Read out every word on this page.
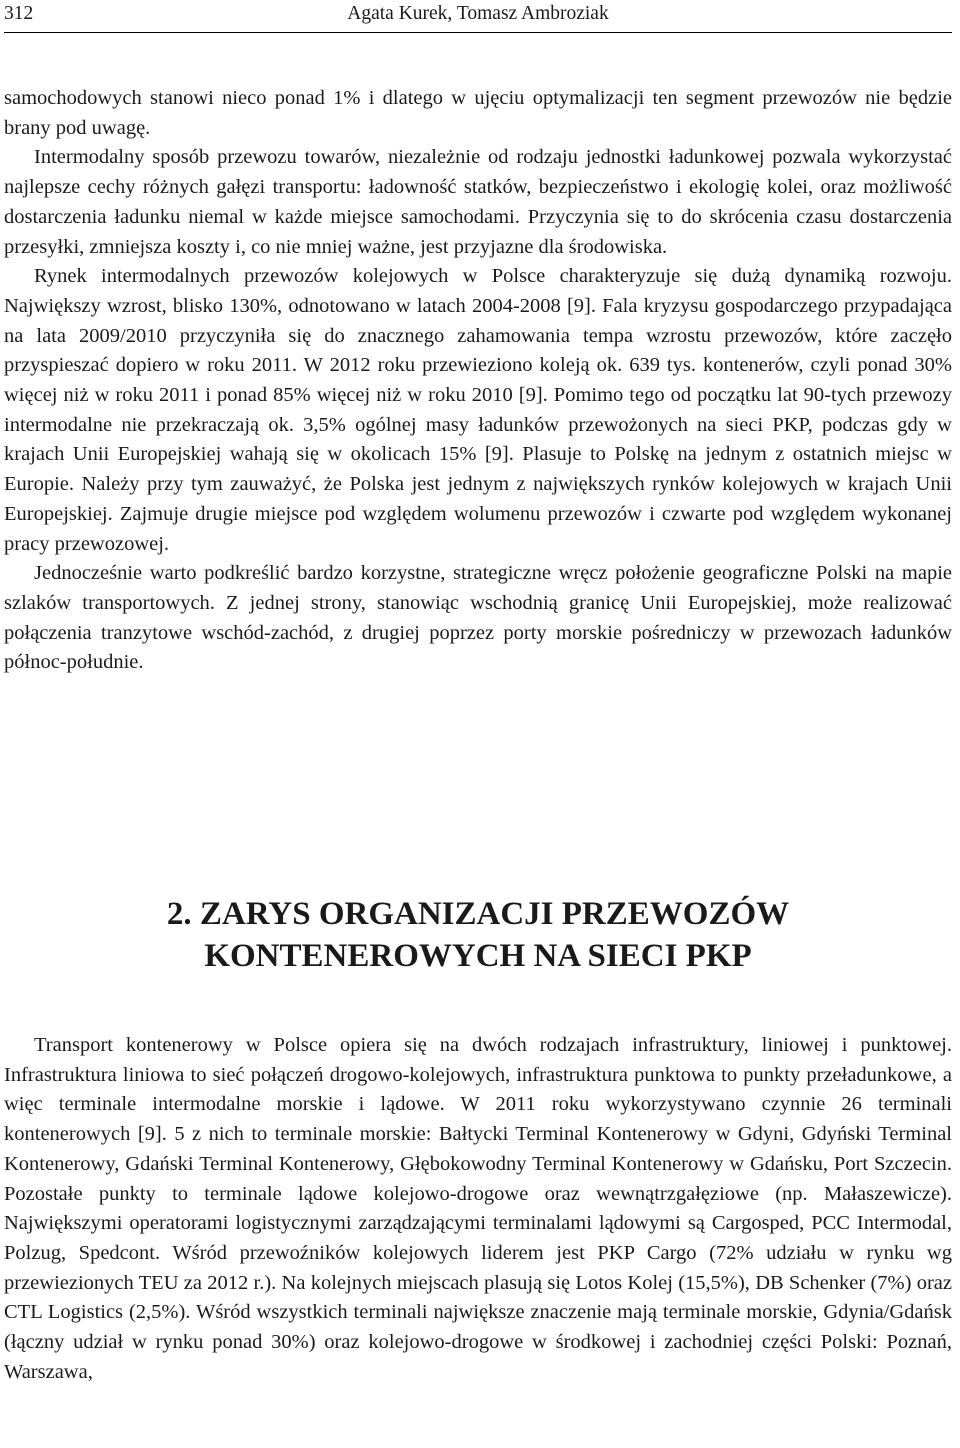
312	Agata Kurek, Tomasz Ambroziak

samochodowych stanowi nieco ponad 1% i dlatego w ujęciu optymalizacji ten segment przewozów nie będzie brany pod uwagę.

Intermodalny sposób przewozu towarów, niezależnie od rodzaju jednostki ładunkowej pozwala wykorzystać najlepsze cechy różnych gałęzi transportu: ładowność statków, bezpieczeństwo i ekologię kolei, oraz możliwość dostarczenia ładunku niemal w każde miejsce samochodami. Przyczynia się to do skrócenia czasu dostarczenia przesyłki, zmniejsza koszty i, co nie mniej ważne, jest przyjazne dla środowiska.

Rynek intermodalnych przewozów kolejowych w Polsce charakteryzuje się dużą dynamiką rozwoju. Największy wzrost, blisko 130%, odnotowano w latach 2004-2008 [9]. Fala kryzysu gospodarczego przypadająca na lata 2009/2010 przyczyniła się do znacznego zahamowania tempa wzrostu przewozów, które zaczęło przyspieszać dopiero w roku 2011. W 2012 roku przewieziono koleją ok. 639 tys. kontenerów, czyli ponad 30% więcej niż w roku 2011 i ponad 85% więcej niż w roku 2010 [9]. Pomimo tego od początku lat 90-tych przewozy intermodalne nie przekraczają ok. 3,5% ogólnej masy ładunków przewożonych na sieci PKP, podczas gdy w krajach Unii Europejskiej wahają się w okolicach 15% [9]. Plasuje to Polskę na jednym z ostatnich miejsc w Europie. Należy przy tym zauważyć, że Polska jest jednym z największych rynków kolejowych w krajach Unii Europejskiej. Zajmuje drugie miejsce pod względem wolumenu przewozów i czwarte pod względem wykonanej pracy przewozowej.

Jednocześnie warto podkreślić bardzo korzystne, strategiczne wręcz położenie geograficzne Polski na mapie szlaków transportowych. Z jednej strony, stanowiąc wschodnią granicę Unii Europejskiej, może realizować połączenia tranzytowe wschód-zachód, z drugiej poprzez porty morskie pośredniczy w przewozach ładunków północ-południe.

2. ZARYS ORGANIZACJI PRZEWOZÓW
KONTENEROWYCH NA SIECI PKP

Transport kontenerowy w Polsce opiera się na dwóch rodzajach infrastruktury, liniowej i punktowej. Infrastruktura liniowa to sieć połączeń drogowo-kolejowych, infrastruktura punktowa to punkty przeładunkowe, a więc terminale intermodalne morskie i lądowe. W 2011 roku wykorzystywano czynnie 26 terminali kontenerowych [9]. 5 z nich to terminale morskie: Bałtycki Terminal Kontenerowy w Gdyni, Gdyński Terminal Kontenerowy, Gdański Terminal Kontenerowy, Głębokowodny Terminal Kontenerowy w Gdańsku, Port Szczecin. Pozostałe punkty to terminale lądowe kolejowo-drogowe oraz wewnątrzgałęziowe (np. Małaszewicze). Największymi operatorami logistycznymi zarządzającymi terminalami lądowymi są Cargosped, PCC Intermodal, Polzug, Spedcont. Wśród przewoźników kolejowych liderem jest PKP Cargo (72% udziału w rynku wg przewiezionych TEU za 2012 r.). Na kolejnych miejscach plasują się Lotos Kolej (15,5%), DB Schenker (7%) oraz CTL Logistics (2,5%). Wśród wszystkich terminali największe znaczenie mają terminale morskie, Gdynia/Gdańsk (łączny udział w rynku ponad 30%) oraz kolejowo-drogowe w środkowej i zachodniej części Polski: Poznań, Warszawa,
